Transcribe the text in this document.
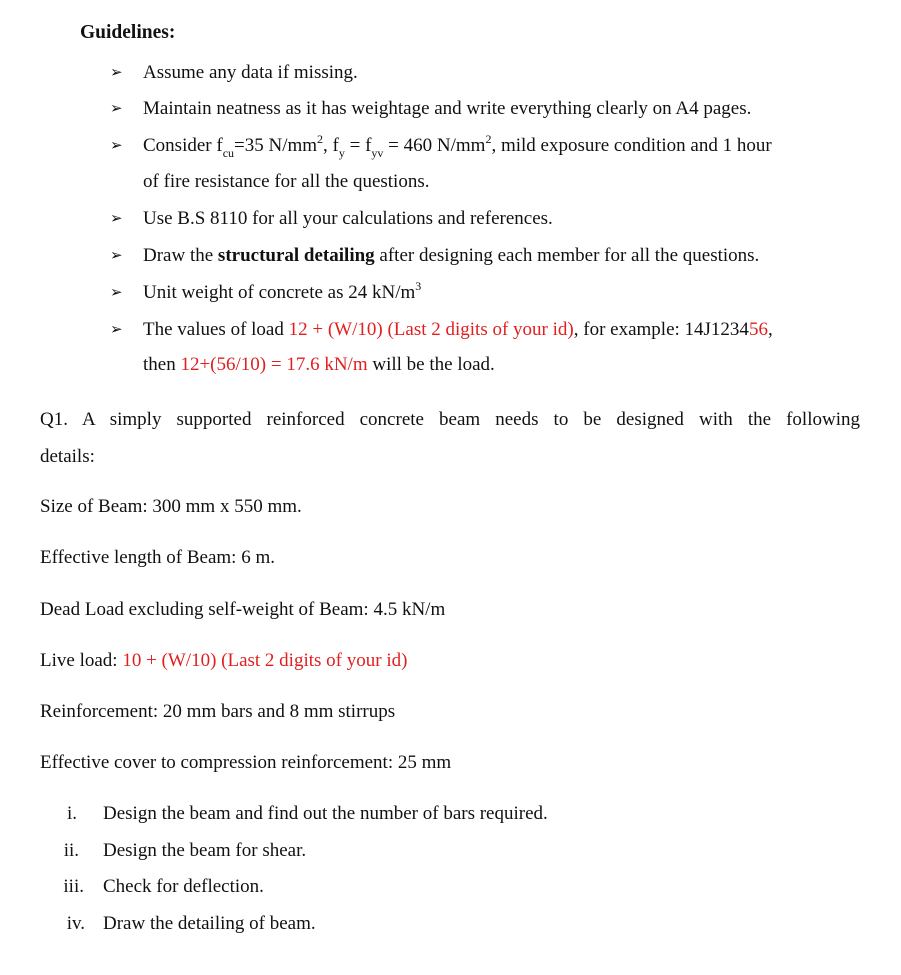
Guidelines:
➢ Assume any data if missing.
➢ Maintain neatness as it has weightage and write everything clearly on A4 pages.
➢ Consider $f_{cu}=35$ $N/mm^2$, $f_y = f_{yv} = 460$ $N/mm^2$, mild exposure condition and 1 hour
of fire resistance for all the questions.
➢ Use B.S 8110 for all your calculations and references.
➢ Draw the structural detailing after designing each member for all the questions.
➢ Unit weight of concrete as 24 $kN/m^3$
➢ The values of load 12 + (W/10) (Last 2 digits of your id), for example: 14J123456,
then 12+(56/10) = 17.6 kN/m will be the load.
Q1. A simply supported reinforced concrete beam needs to be designed with the following
details:
Size of Beam: 300 mm x 550 mm.
Effective length of Beam: 6 m.
Dead Load excluding self-weight of Beam: 4.5 kN/m
Live load: 10 + (W/10) (Last 2 digits of your id)
Reinforcement: 20 mm bars and 8 mm stirrups
Effective cover to compression reinforcement: 25 mm
i. Design the beam and find out the number of bars required.
ii. Design the beam for shear.
iii. Check for deflection.
iv. Draw the detailing of beam.
